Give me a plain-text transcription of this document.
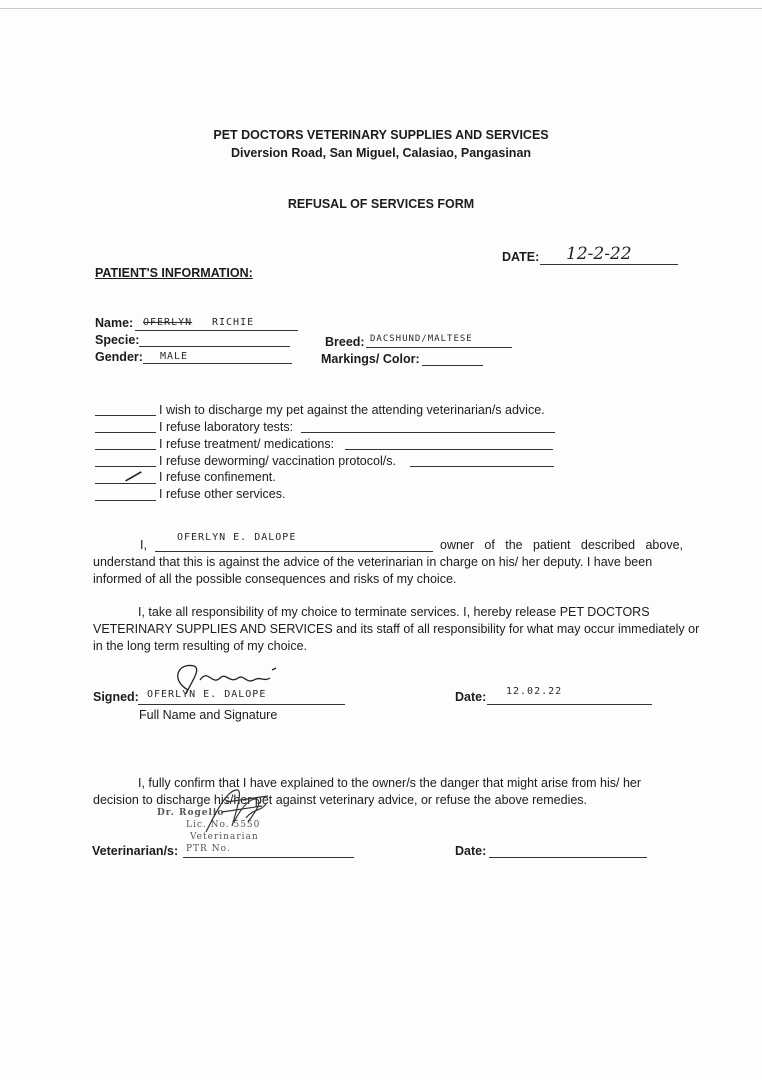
PET DOCTORS VETERINARY SUPPLIES AND SERVICES
Diversion Road, San Miguel, Calasiao, Pangasinan
REFUSAL OF SERVICES FORM
DATE: 12-2-22
PATIENT'S INFORMATION:
Name: OFERLYN RICHIE
Specie:
Gender: MALE
Breed: DACSHUND/MALTESE
Markings/ Color:
I wish to discharge my pet against the attending veterinarian/s advice.
I refuse laboratory tests:
I refuse treatment/ medications:
I refuse deworming/ vaccination protocol/s.
/ I refuse confinement.
I refuse other services.
I,
OFERLYN E. DALOPE
owner of the patient described above,
understand that this is against the advice of the veterinarian in charge on his/ her deputy. I have been
informed of all the possible consequences and risks of my choice.
I, take all responsibility of my choice to terminate services. I, hereby release PET DOCTORS
VETERINARY SUPPLIES AND SERVICES and its staff of all responsibility for what may occur immediately or
in the long term resulting of my choice.
Signed: OFERLYN E. DALOPE
Full Name and Signature
Date: 12.02.22
I, fully confirm that I have explained to the owner/s the danger that might arise from his/ her
decision to discharge his/her pet against veterinary advice, or refuse the above remedies.
Dr. Rogelio
Lic. No. 5550
Veterinarian
Veterinarian/s: PTR No.	Date:
